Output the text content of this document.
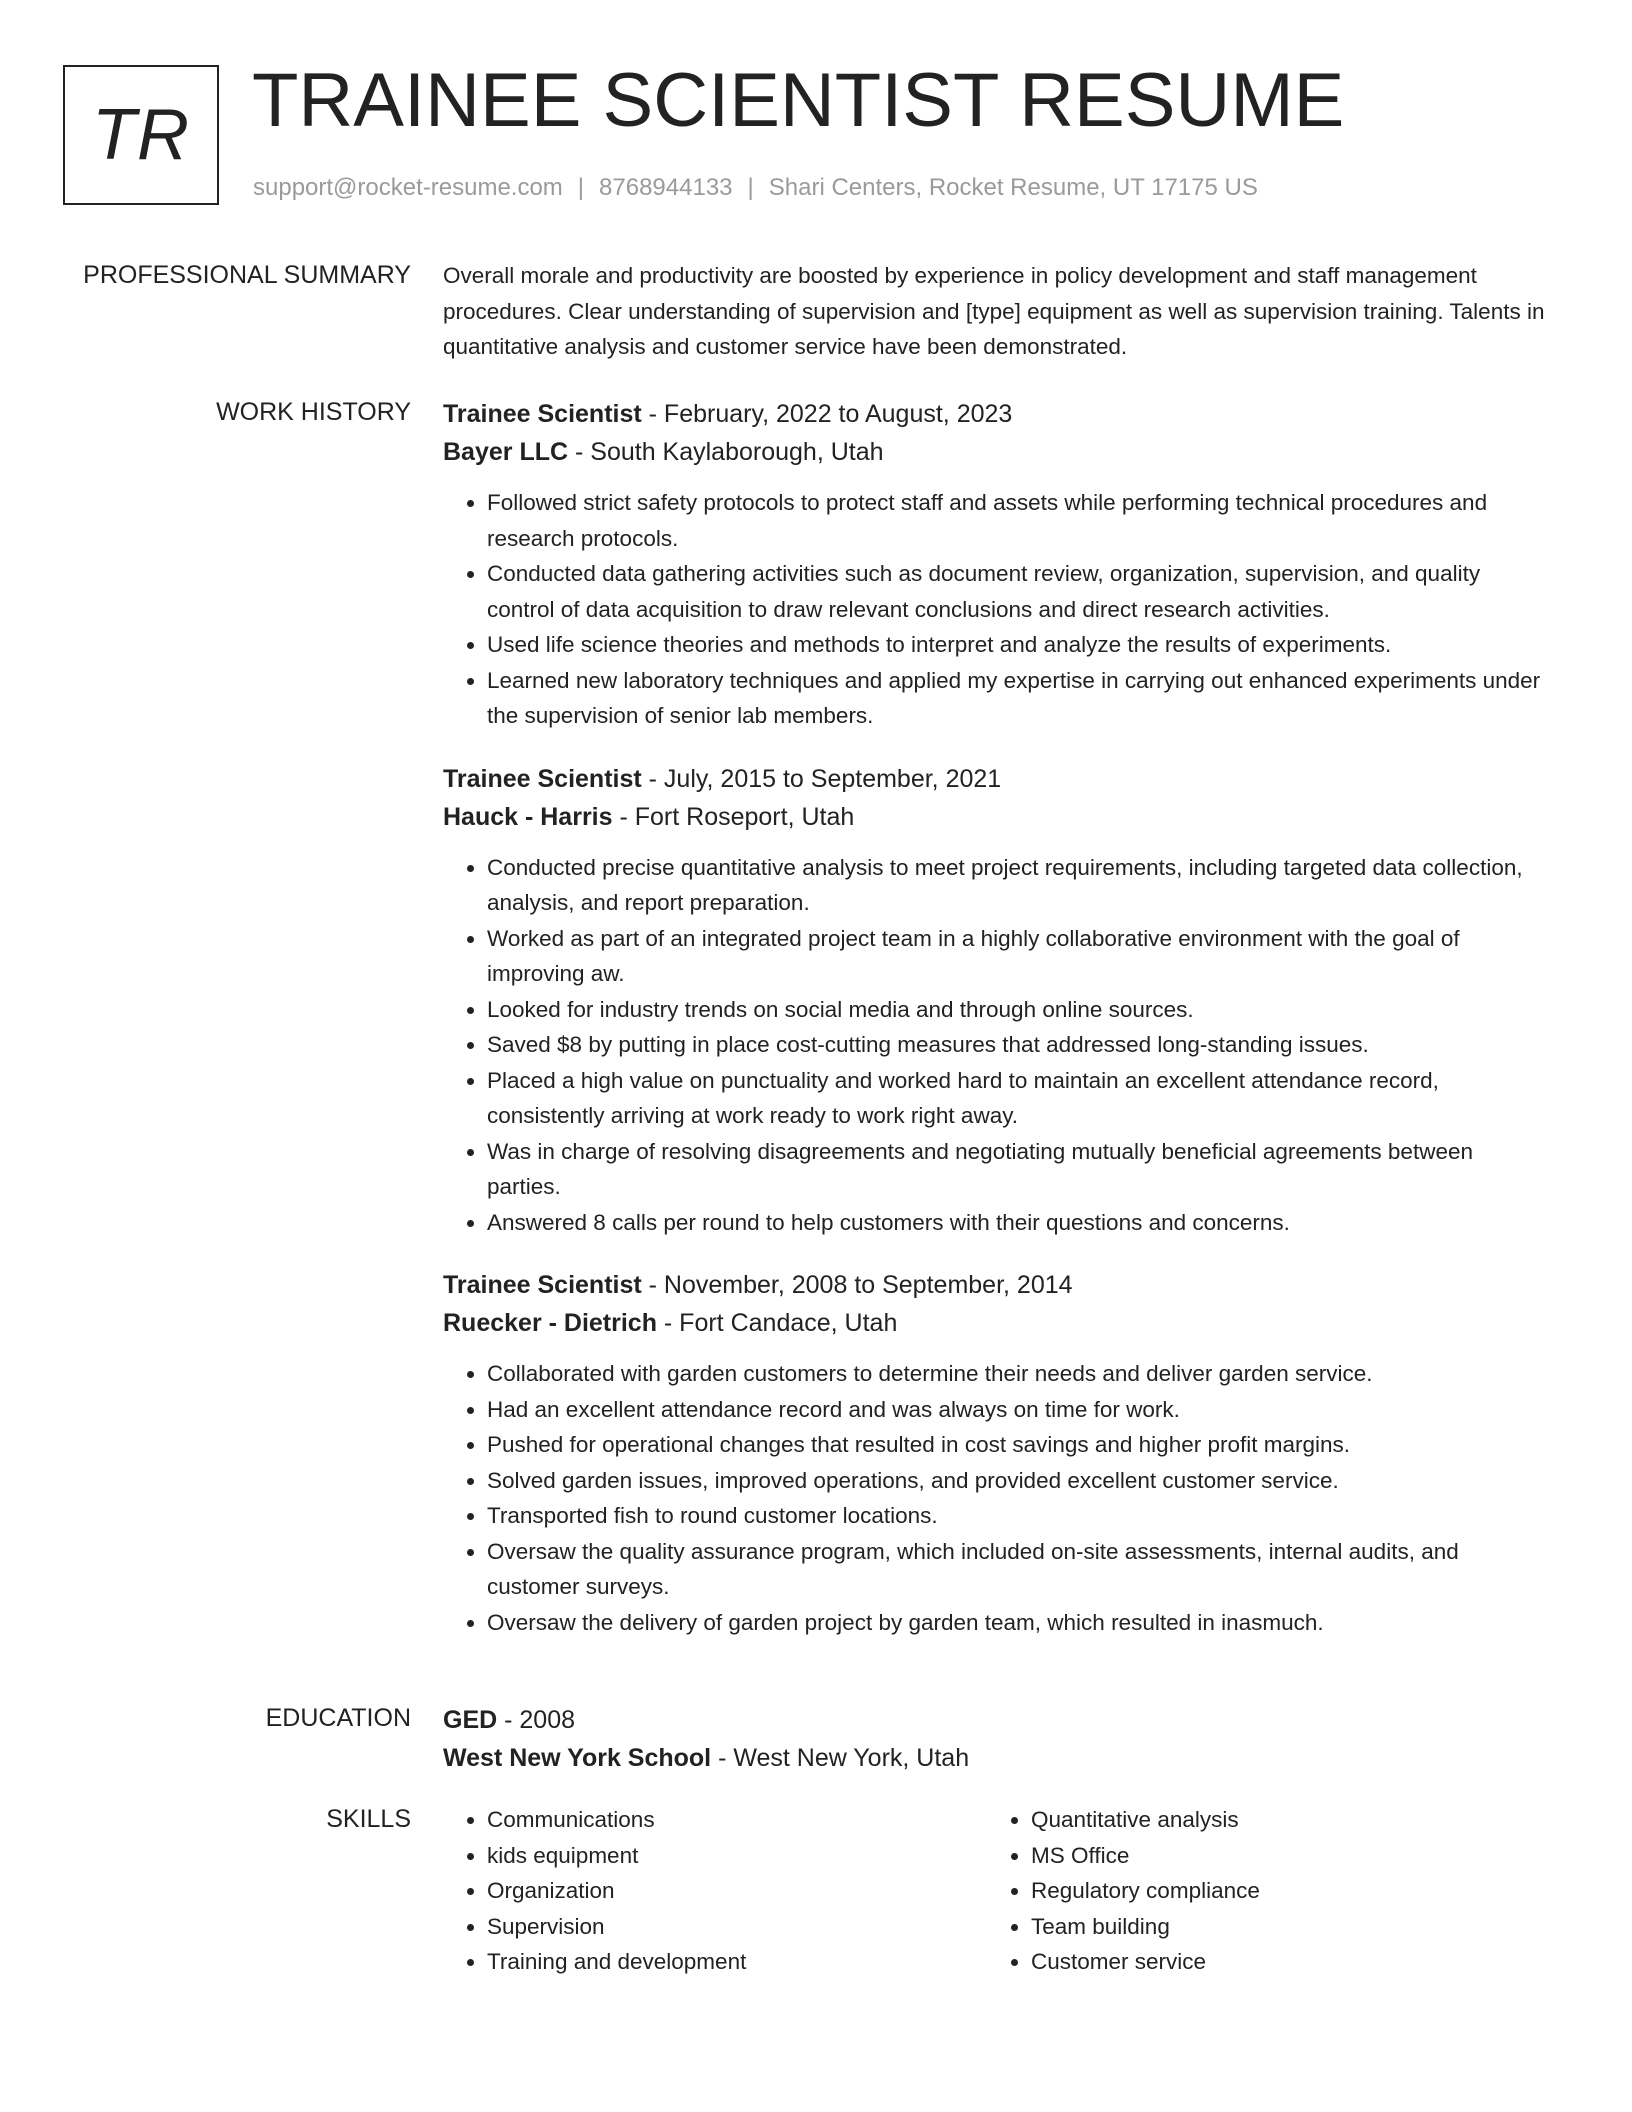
TR TRAINEE SCIENTIST RESUME
support@rocket-resume.com | 8768944133 | Shari Centers, Rocket Resume, UT 17175 US
PROFESSIONAL SUMMARY Overall morale and productivity are boosted by experience in policy development and staff management procedures. Clear understanding of supervision and [type] equipment as well as supervision training. Talents in quantitative analysis and customer service have been demonstrated.

WORK HISTORY Trainee Scientist - February, 2022 to August, 2023
Bayer LLC - South Kaylaborough, Utah
• Followed strict safety protocols to protect staff and assets while performing technical procedures and research protocols.
• Conducted data gathering activities such as document review, organization, supervision, and quality control of data acquisition to draw relevant conclusions and direct research activities.
• Used life science theories and methods to interpret and analyze the results of experiments.
• Learned new laboratory techniques and applied my expertise in carrying out enhanced experiments under the supervision of senior lab members.
Trainee Scientist - July, 2015 to September, 2021
Hauck - Harris - Fort Roseport, Utah
• Conducted precise quantitative analysis to meet project requirements, including targeted data collection, analysis, and report preparation.
• Worked as part of an integrated project team in a highly collaborative environment with the goal of improving aw.
• Looked for industry trends on social media and through online sources.
• Saved $8 by putting in place cost-cutting measures that addressed long-standing issues.
• Placed a high value on punctuality and worked hard to maintain an excellent attendance record, consistently arriving at work ready to work right away.
• Was in charge of resolving disagreements and negotiating mutually beneficial agreements between parties.
• Answered 8 calls per round to help customers with their questions and concerns.
Trainee Scientist - November, 2008 to September, 2014
Ruecker - Dietrich - Fort Candace, Utah
• Collaborated with garden customers to determine their needs and deliver garden service.
• Had an excellent attendance record and was always on time for work.
• Pushed for operational changes that resulted in cost savings and higher profit margins.
• Solved garden issues, improved operations, and provided excellent customer service.
• Transported fish to round customer locations.
• Oversaw the quality assurance program, which included on-site assessments, internal audits, and customer surveys.
• Oversaw the delivery of garden project by garden team, which resulted in inasmuch.
EDUCATION GED - 2008
West New York School - West New York, Utah
SKILLS
•	Communications
• kids equipment
• Organization
• Supervision
• Training and development
• Quantitative analysis
• MS Office
• Regulatory compliance
• Team building
• Customer service
